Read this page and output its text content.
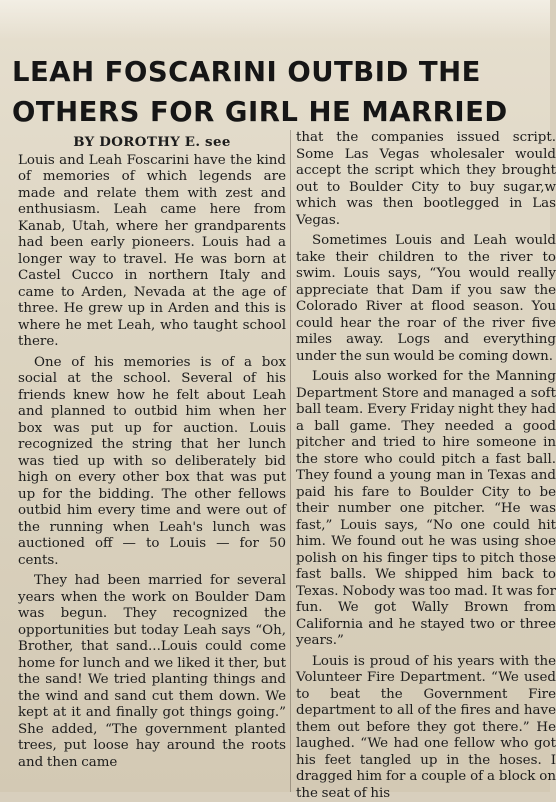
LEAH FOSCARINI OUTBID THE
OTHERS FOR GIRL HE MARRIED
BY DOROTHY E. see

Louis and Leah Foscarini have the kind of memories of which legends are made and relate them with zest and enthusiasm. Leah came here from Kanab, Utah, where her grandparents had been early pioneers. Louis had a longer way to travel. He was born at Castel Cucco in northern Italy and came to Arden, Nevada at the age of three. He grew up in Arden and this is where he met Leah, who taught school there.

One of his memories is of a box social at the school. Several of his friends knew how he felt about Leah and planned to outbid him when her box was put up for auction. Louis recognized the string that her lunch was tied up with so deliberately bid high on every other box that was put up for the bidding. The other fellows outbid him every time and were out of the running when Leah's lunch was auctioned off — to Louis — for 50 cents.

They had been married for several years when the work on Boulder Dam was begun. They recognized the opportunities but today Leah says “Oh, Brother, that sand...Louis could come home for lunch and we liked it ther, but the sand! We tried planting things and the wind and sand cut them down. We kept at it and finally got things going.” She added, “The government planted trees, put loose hay around the roots and then came

that the companies issued script. Some Las Vegas wholesaler would accept the script which they brought out to Boulder City to buy sugar,w which was then bootlegged in Las Vegas.

Sometimes Louis and Leah would take their children to the river to swim. Louis says, “You would really appreciate that Dam if you saw the Colorado River at flood season. You could hear the roar of the river five miles away. Logs and everything under the sun would be coming down.

Louis also worked for the Manning Department Store and managed a soft ball team. Every Friday night they had a ball game. They needed a good pitcher and tried to hire someone in the store who could pitch a fast ball. They found a young man in Texas and paid his fare to Boulder City to be their number one pitcher. “He was fast,” Louis says, “No one could hit him. We found out he was using shoe polish on his finger tips to pitch those fast balls. We shipped him back to Texas. Nobody was too mad. It was for fun. We got Wally Brown from California and he stayed two or three years.”

Louis is proud of his years with the Volunteer Fire Department. “We used to beat the Government Fire department to all of the fires and have them out before they got there.” He laughed. “We had one fellow who got his feet tangled up in the hoses. I dragged him for a couple of a block on the seat of his
